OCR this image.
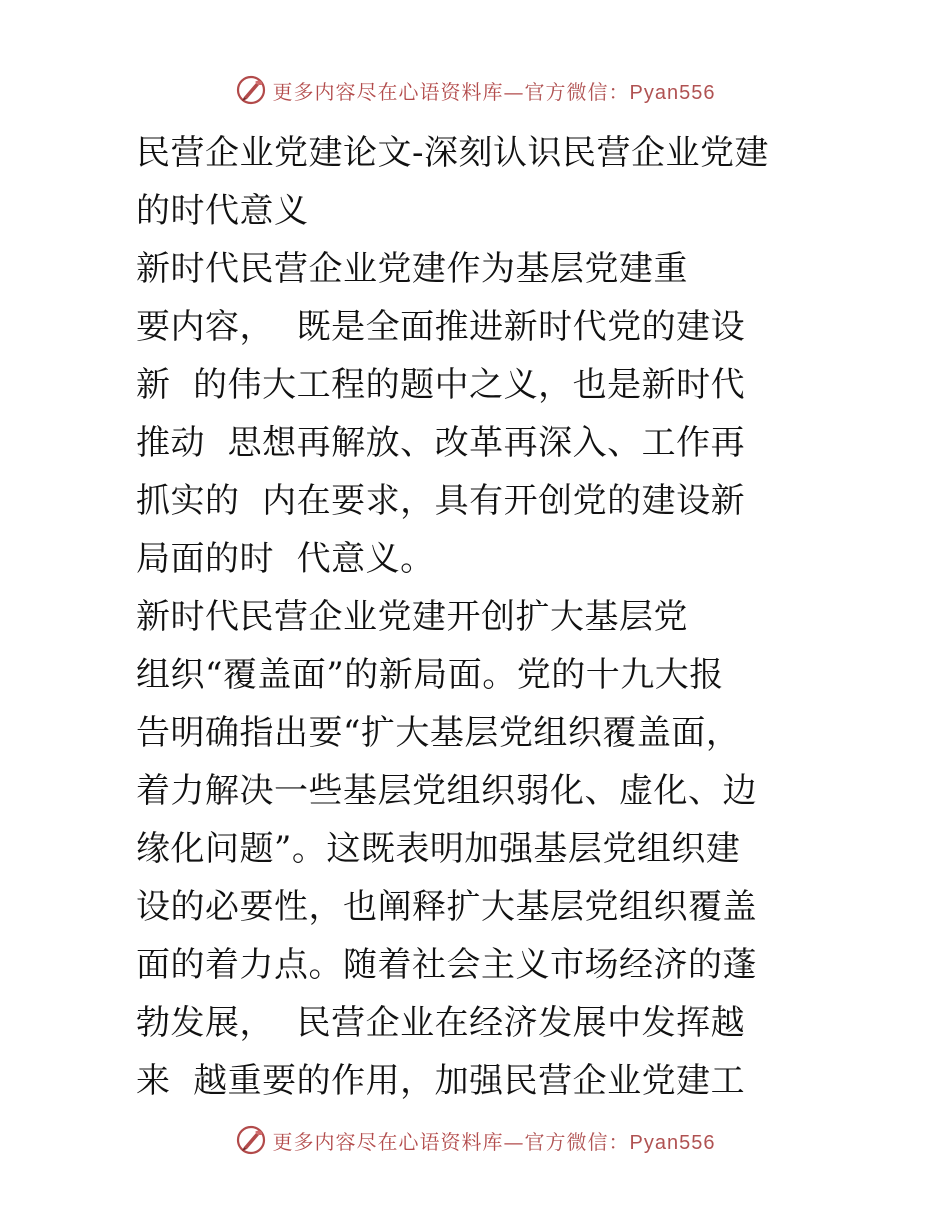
更多内容尽在心语资料库—官方微信：Pyan556
民营企业党建论文-深刻认识民营企业党建
的时代意义
新时代民营企业党建作为基层党建重
要内容，  既是全面推进新时代党的建设
新  的伟大工程的题中之义，也是新时代
推动  思想再解放、改革再深入、工作再
抓实的  内在要求，具有开创党的建设新
局面的时  代意义。
新时代民营企业党建开创扩大基层党
组织“覆盖面”的新局面。党的十九大报
告明确指出要“扩大基层党组织覆盖面，
着力解决一些基层党组织弱化、虚化、边
缘化问题”。这既表明加强基层党组织建
设的必要性，也阐释扩大基层党组织覆盖
面的着力点。随着社会主义市场经济的蓬
勃发展，  民营企业在经济发展中发挥越
来  越重要的作用，加强民营企业党建工
更多内容尽在心语资料库—官方微信：Pyan556
